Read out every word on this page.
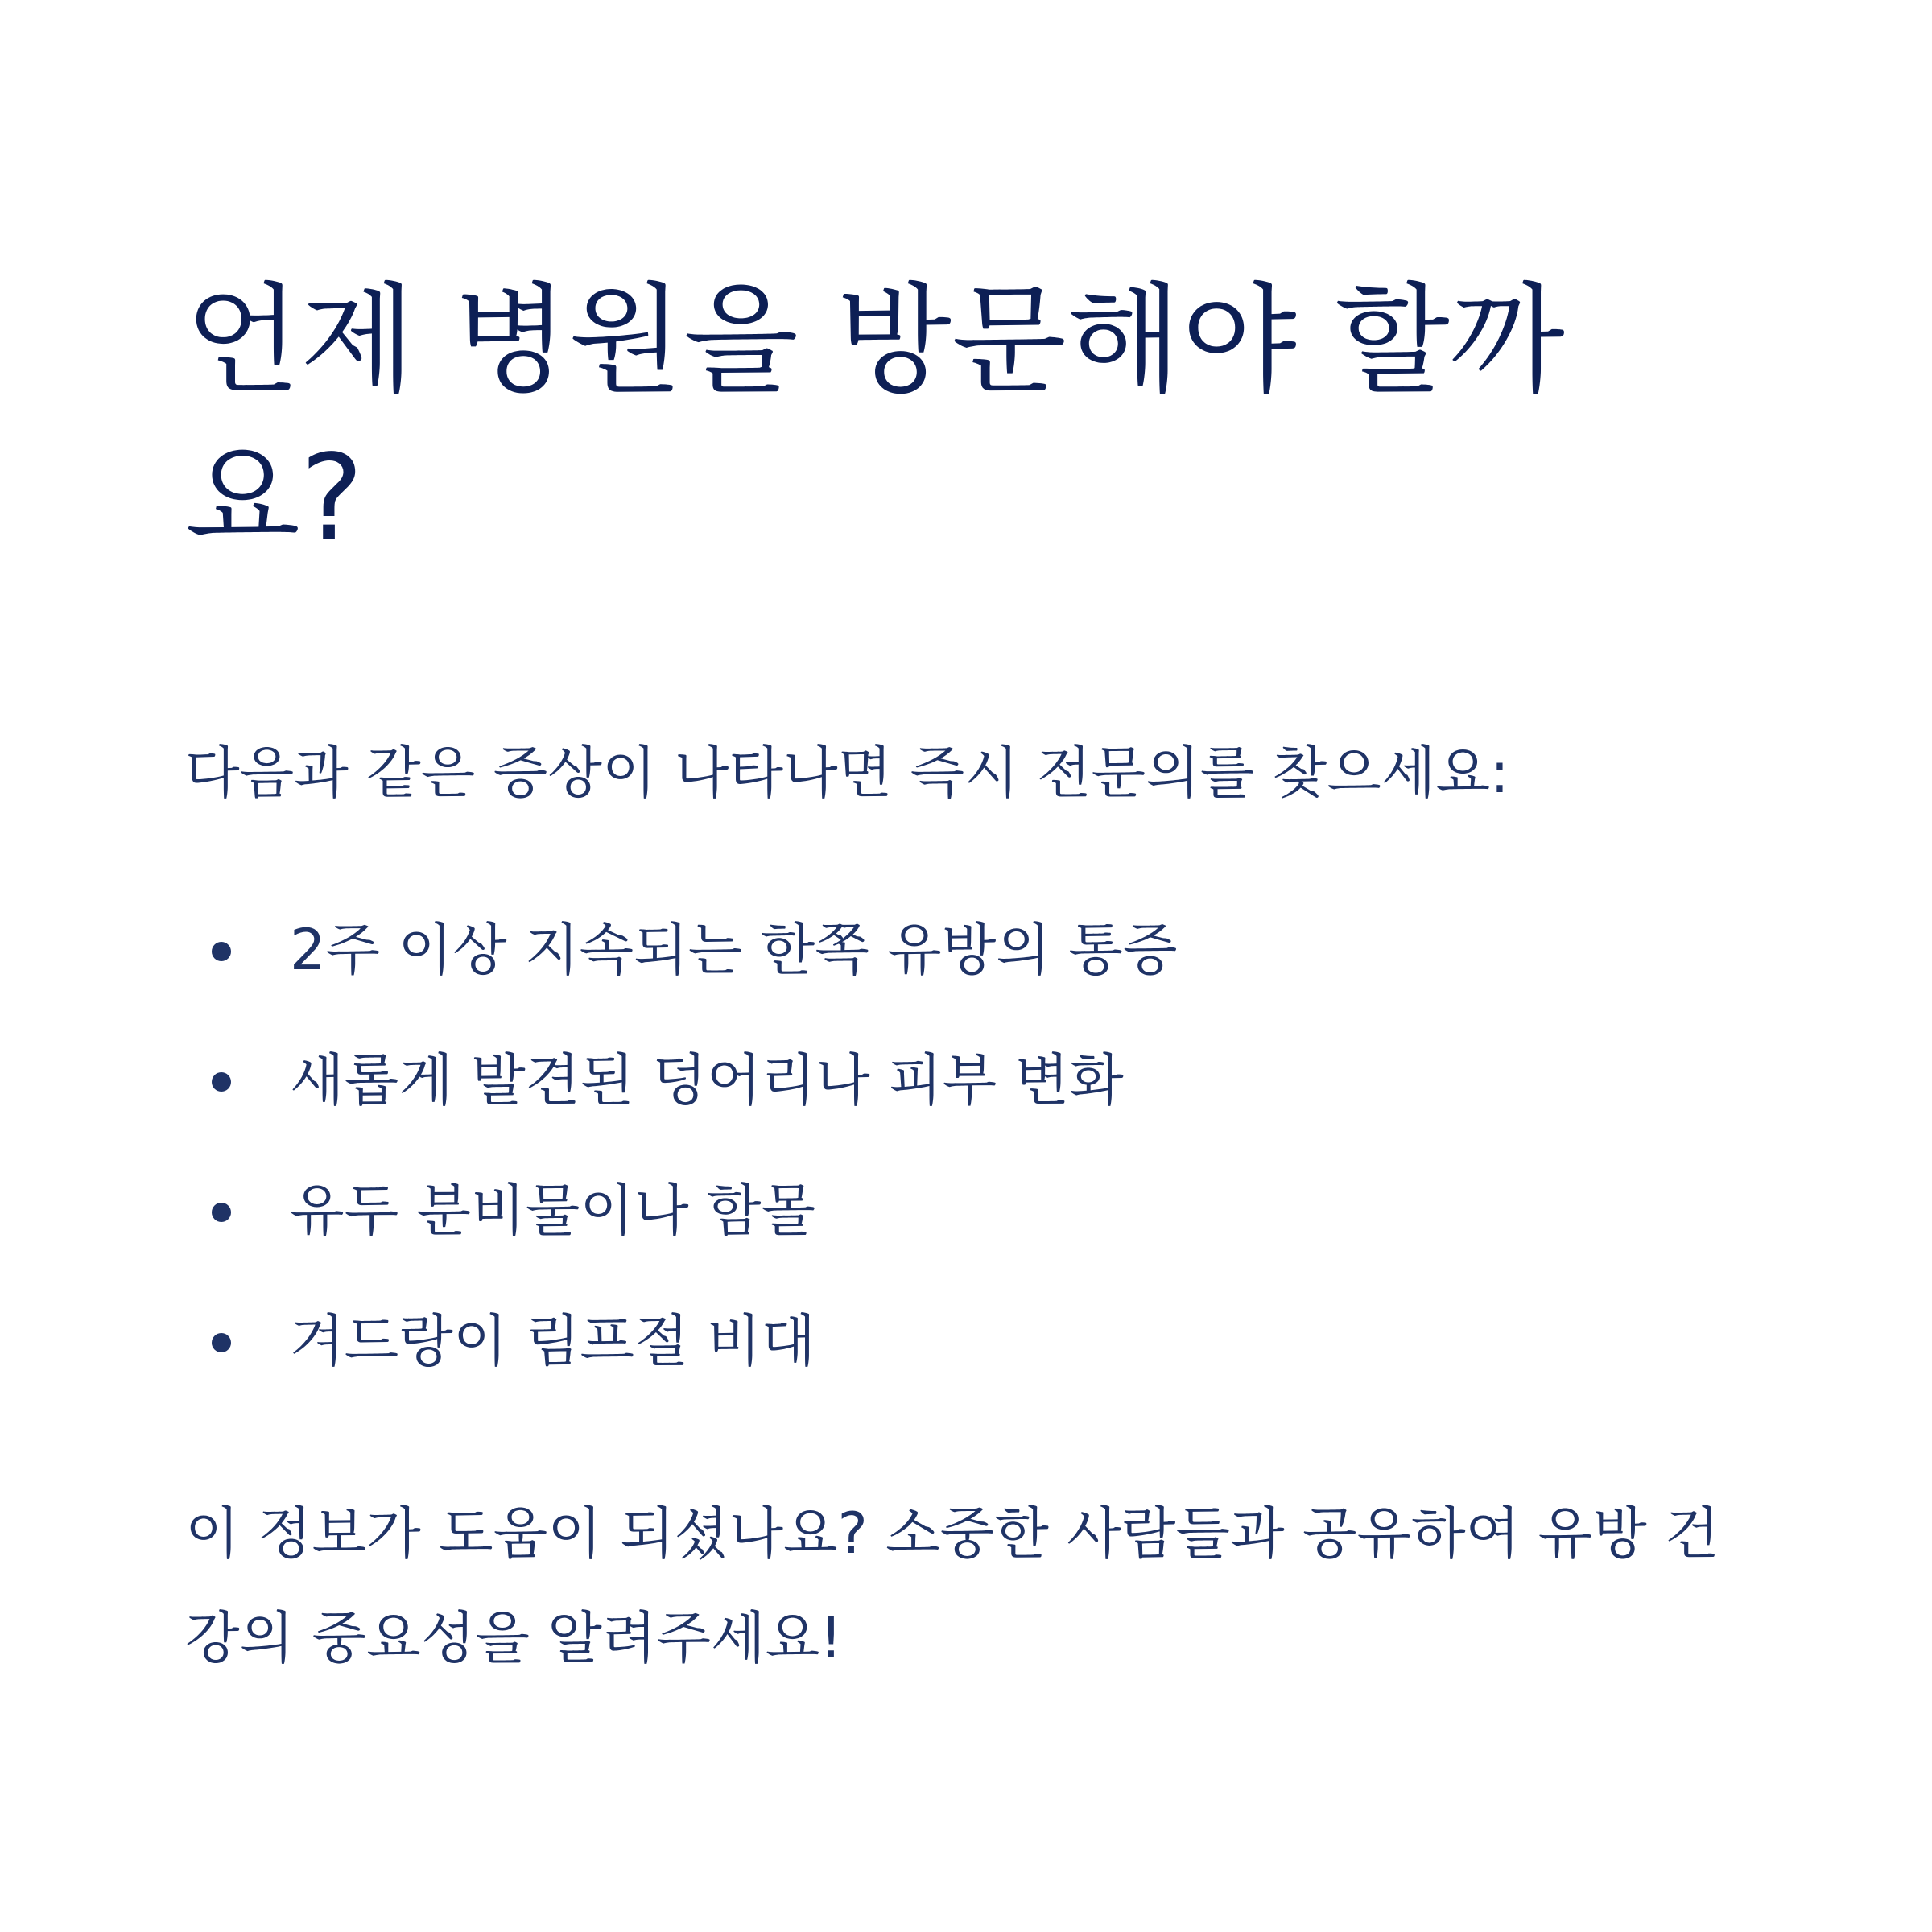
언제 병원을 방문해야 할까요?

다음과 같은 증상이 나타나면 즉시 전문의를 찾으세요:

2주 이상 지속되는 한쪽 유방의 통증
새롭게 발견된 덩어리나 피부 변화
유두 분비물이나 함몰
겨드랑이 림프절 비대

이 정보가 도움이 되셨나요? 소중한 사람들과 공유하여 유방 건강의 중요성을 알려주세요!
